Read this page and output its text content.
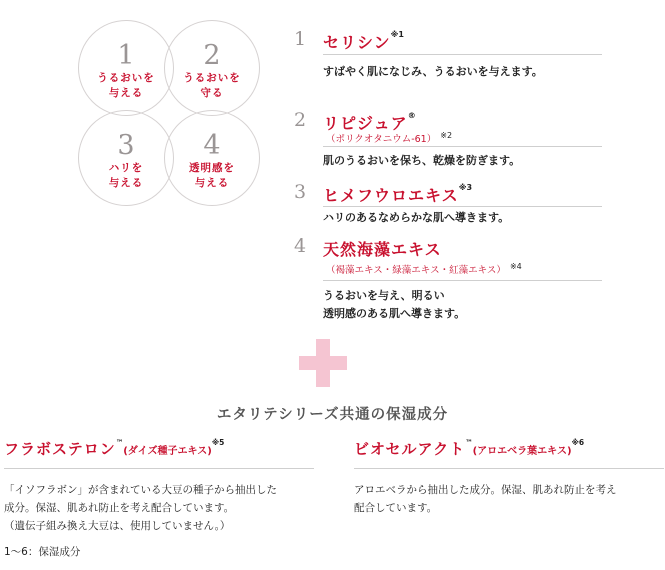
1
うるおいを
与える
2
うるおいを
守る
3
ハリを
与える
4
透明感を
与える
1 セリシン$^{※1}$
すばやく肌になじみ、うるおいを与えます。
2 リピジュア®
（ポリクオタニウム-61） $^{※2}$
肌のうるおいを保ち、乾燥を防ぎます。
3 ヒメフウロエキス$^{※3}$
ハリのあるなめらかな肌へ導きます。
4 天然海藻エキス
（褐藻エキス・緑藻エキス・紅藻エキス） $^{※4}$
うるおいを与え、明るい
透明感のある肌へ導きます。
エタリテシリーズ共通の保湿成分
フラボステロン™(ダイズ種子エキス)$^{※5}$
「イソフラボン」が含まれている大豆の種子から抽出した
成分。保湿、肌あれ防止を考え配合しています。
（遺伝子組み換え大豆は、使用していません。）
ビオセルアクト™(アロエベラ葉エキス)$^{※6}$
アロエベラから抽出した成分。保湿、肌あれ防止を考え
配合しています。
1〜6：保湿成分
